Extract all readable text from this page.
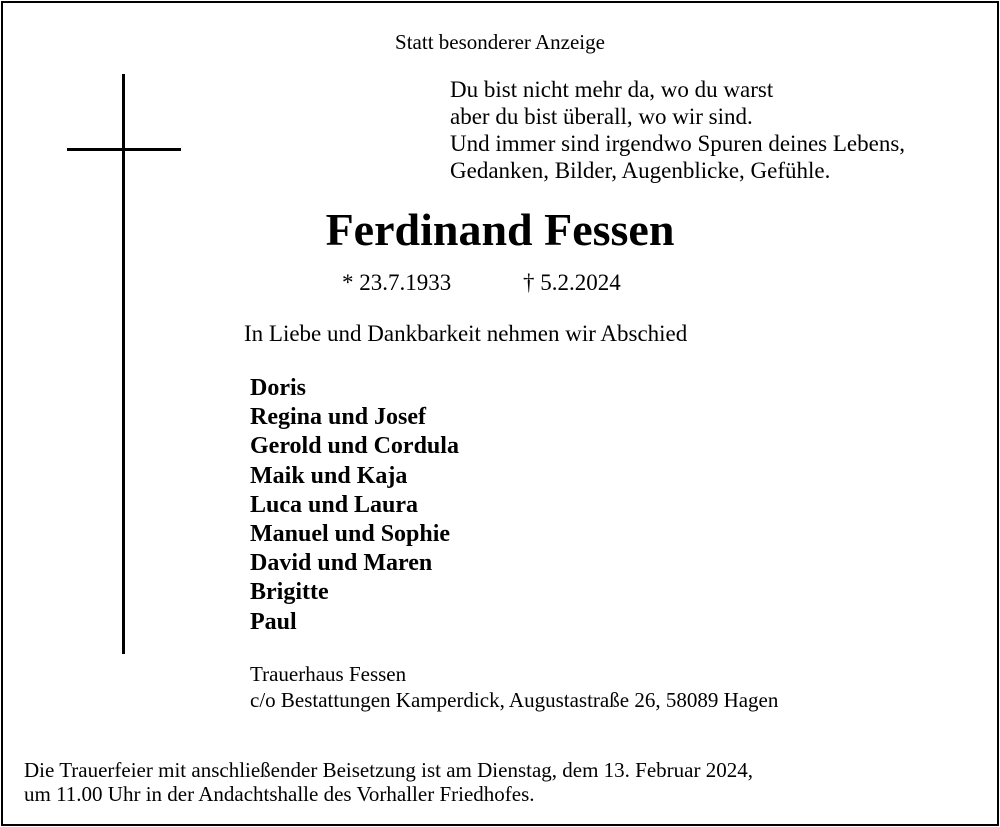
Statt besonderer Anzeige
Du bist nicht mehr da, wo du warst
aber du bist überall, wo wir sind.
Und immer sind irgendwo Spuren deines Lebens,
Gedanken, Bilder, Augenblicke, Gefühle.
Ferdinand Fessen
* 23.7.1933	† 5.2.2024
In Liebe und Dankbarkeit nehmen wir Abschied
Doris
Regina und Josef
Gerold und Cordula
Maik und Kaja
Luca und Laura
Manuel und Sophie
David und Maren
Brigitte
Paul
Trauerhaus Fessen
c/o Bestattungen Kamperdick, Augustastraße 26, 58089 Hagen
Die Trauerfeier mit anschließender Beisetzung ist am Dienstag, dem 13. Februar 2024,
um 11.00 Uhr in der Andachtshalle des Vorhaller Friedhofes.
